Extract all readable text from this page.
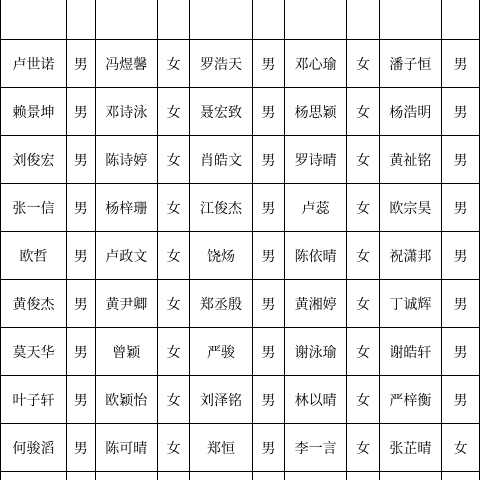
卢世诺	男	冯煜馨	女	罗浩天	男	邓心瑜	女	潘子恒	男
赖景坤	男	邓诗泳	女	聂宏致	男	杨思颖	女	杨浩明	男
刘俊宏	男	陈诗婷	女	肖皓文	男	罗诗晴	女	黄祉铭	男
张一信	男	杨梓珊	女	江俊杰	男	卢蕊	女	欧宗昊	男
欧哲	男	卢政文	女	饶炀	男	陈依晴	女	祝潇邦	男
黄俊杰	男	黄尹卿	女	郑丞殷	男	黄湘婷	女	丁诚辉	男
莫天华	男	曾颖	女	严骏	男	谢泳瑜	女	谢皓轩	男
叶子轩	男	欧颖怡	女	刘泽铭	男	林以晴	女	严梓衡	男
何骏滔	男	陈可晴	女	郑恒	男	李一言	女	张芷晴	女
